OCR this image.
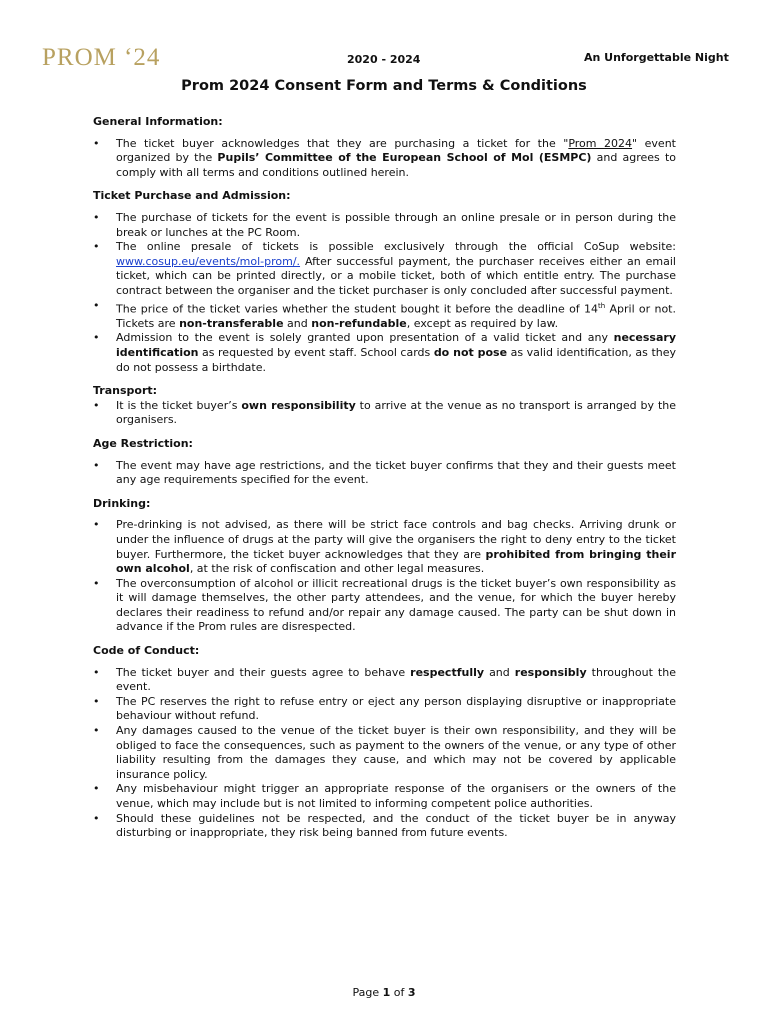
PROM ‘24	2020 - 2024	An Unforgettable Night
Prom 2024 Consent Form and Terms & Conditions

General Information:

• The ticket buyer acknowledges that they are purchasing a ticket for the "Prom 2024" event organized by the Pupils’ Committee of the European School of Mol (ESMPC) and agrees to comply with all terms and conditions outlined herein.

Ticket Purchase and Admission:

• The purchase of tickets for the event is possible through an online presale or in person during the break or lunches at the PC Room.
• The online presale of tickets is possible exclusively through the official CoSup website: www.cosup.eu/events/mol-prom/. After successful payment, the purchaser receives either an email ticket, which can be printed directly, or a mobile ticket, both of which entitle entry. The purchase contract between the organiser and the ticket purchaser is only concluded after successful payment.
• The price of the ticket varies whether the student bought it before the deadline of 14th April or not. Tickets are non-transferable and non-refundable, except as required by law.
• Admission to the event is solely granted upon presentation of a valid ticket and any necessary identification as requested by event staff. School cards do not pose as valid identification, as they do not possess a birthdate.

Transport:

• It is the ticket buyer’s own responsibility to arrive at the venue as no transport is arranged by the organisers.

Age Restriction:

• The event may have age restrictions, and the ticket buyer confirms that they and their guests meet any age requirements specified for the event.

Drinking:

• Pre-drinking is not advised, as there will be strict face controls and bag checks. Arriving drunk or under the influence of drugs at the party will give the organisers the right to deny entry to the ticket buyer. Furthermore, the ticket buyer acknowledges that they are prohibited from bringing their own alcohol, at the risk of confiscation and other legal measures.
• The overconsumption of alcohol or illicit recreational drugs is the ticket buyer’s own responsibility as it will damage themselves, the other party attendees, and the venue, for which the buyer hereby declares their readiness to refund and/or repair any damage caused. The party can be shut down in advance if the Prom rules are disrespected.

Code of Conduct:

• The ticket buyer and their guests agree to behave respectfully and responsibly throughout the event.
• The PC reserves the right to refuse entry or eject any person displaying disruptive or inappropriate behaviour without refund.
• Any damages caused to the venue of the ticket buyer is their own responsibility, and they will be obliged to face the consequences, such as payment to the owners of the venue, or any type of other liability resulting from the damages they cause, and which may not be covered by applicable insurance policy.
• Any misbehaviour might trigger an appropriate response of the organisers or the owners of the venue, which may include but is not limited to informing competent police authorities.
• Should these guidelines not be respected, and the conduct of the ticket buyer be in anyway disturbing or inappropriate, they risk being banned from future events.
Page 1 of 3
